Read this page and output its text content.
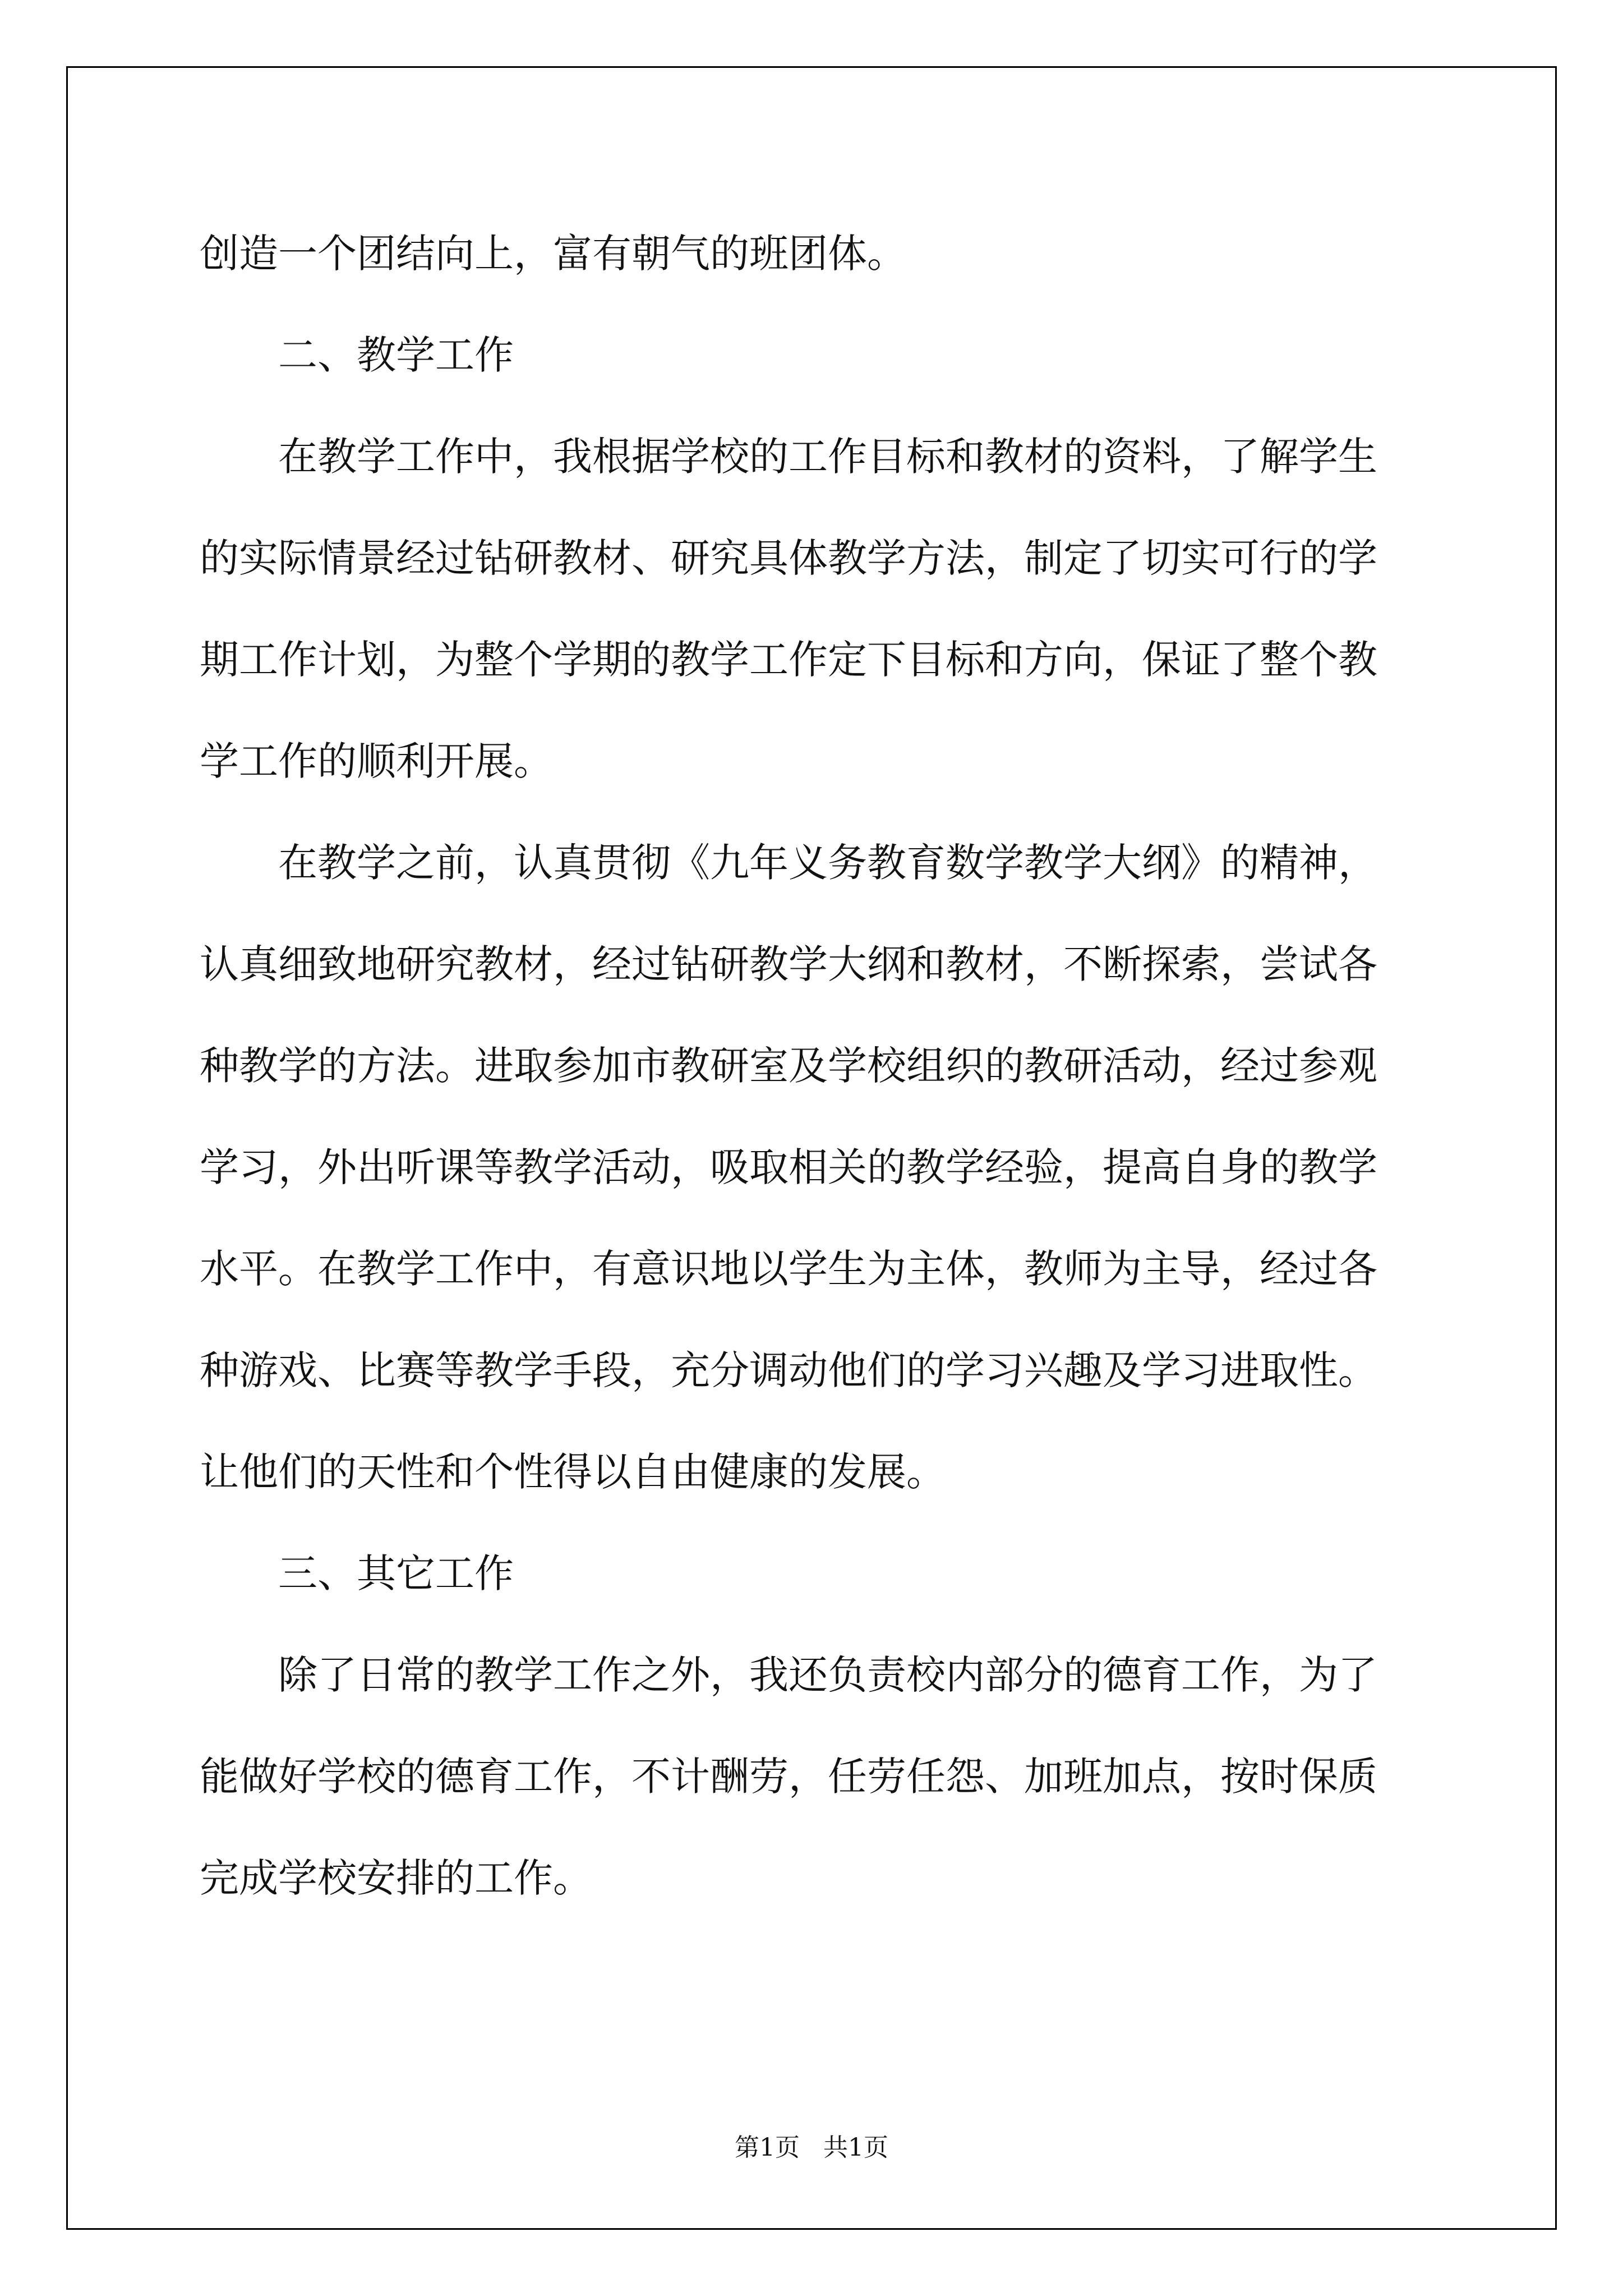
创造一个团结向上，富有朝气的班团体。
　　二、教学工作
　　在教学工作中，我根据学校的工作目标和教材的资料，了解学生
的实际情景经过钻研教材、研究具体教学方法，制定了切实可行的学
期工作计划，为整个学期的教学工作定下目标和方向，保证了整个教
学工作的顺利开展。
　　在教学之前，认真贯彻《九年义务教育数学教学大纲》的精神，
认真细致地研究教材，经过钻研教学大纲和教材，不断探索，尝试各
种教学的方法。进取参加市教研室及学校组织的教研活动，经过参观
学习，外出听课等教学活动，吸取相关的教学经验，提高自身的教学
水平。在教学工作中，有意识地以学生为主体，教师为主导，经过各
种游戏、比赛等教学手段，充分调动他们的学习兴趣及学习进取性。
让他们的天性和个性得以自由健康的发展。
　　三、其它工作
　　除了日常的教学工作之外，我还负责校内部分的德育工作，为了
能做好学校的德育工作，不计酬劳，任劳任怨、加班加点，按时保质
完成学校安排的工作。
第1页   共1页
